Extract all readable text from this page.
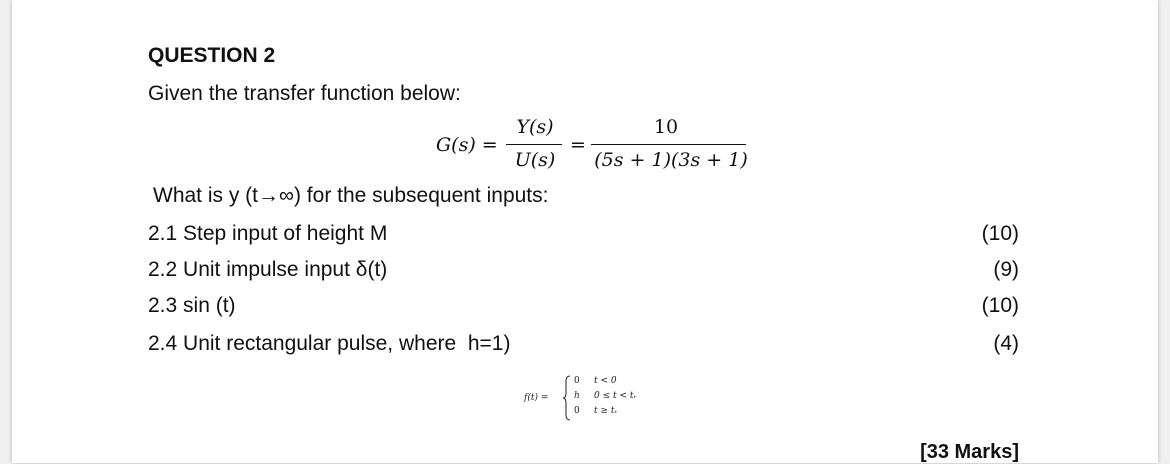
QUESTION 2
Given the transfer function below:
G(s) =
Y(s)
U(s)
=
10
(5s + 1)(3s + 1)
What is y (t→∞) for the subsequent inputs:
2.1 Step input of height M	(10)
2.2 Unit impulse input δ(t)	(9)
2.3 sin (t)	(10)
2.4 Unit rectangular pulse, where  h=1)	(4)
f(t) =
0 t < 0
h 0 ≤ t < tᵥ
0 t ≥ tᵥ
[33 Marks]
